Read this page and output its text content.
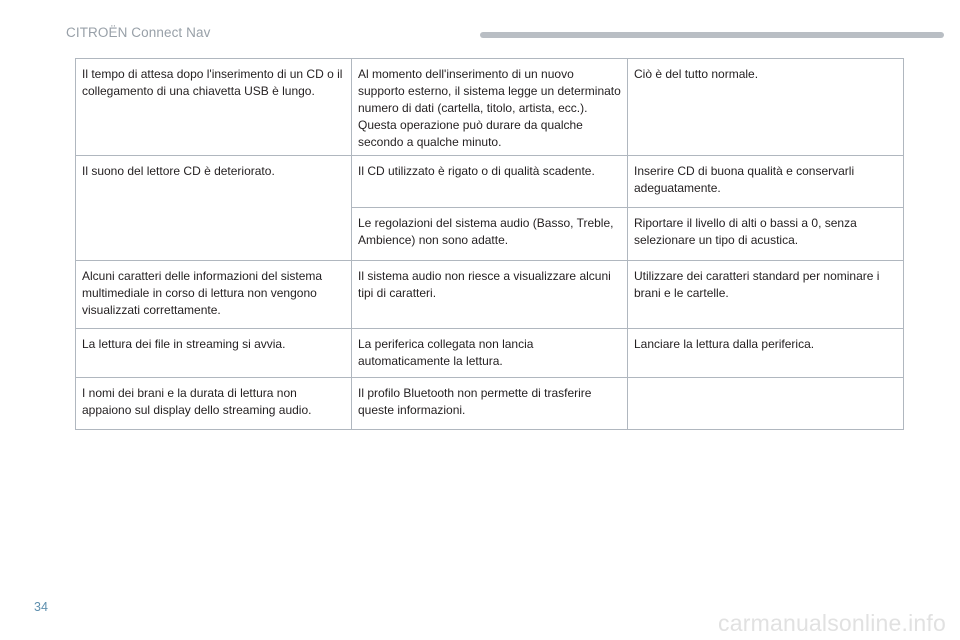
CITROËN Connect Nav
Il tempo di attesa dopo l'inserimento di un CD o il collegamento di una chiavetta USB è lungo.	Al momento dell'inserimento di un nuovo supporto esterno, il sistema legge un determinato numero di dati (cartella, titolo, artista, ecc.). Questa operazione può durare da qualche secondo a qualche minuto.	Ciò è del tutto normale.
Il suono del lettore CD è deteriorato.	Il CD utilizzato è rigato o di qualità scadente.	Inserire CD di buona qualità e conservarli adeguatamente.
	Le regolazioni del sistema audio (Basso, Treble, Ambience) non sono adatte.	Riportare il livello di alti o bassi a 0, senza selezionare un tipo di acustica.
Alcuni caratteri delle informazioni del sistema multimediale in corso di lettura non vengono visualizzati correttamente.	Il sistema audio non riesce a visualizzare alcuni tipi di caratteri.	Utilizzare dei caratteri standard per nominare i brani e le cartelle.
La lettura dei file in streaming si avvia.	La periferica collegata non lancia automaticamente la lettura.	Lanciare la lettura dalla periferica.
I nomi dei brani e la durata di lettura non appaiono sul display dello streaming audio.	Il profilo Bluetooth non permette di trasferire queste informazioni.	
34
carmanualsonline.info
